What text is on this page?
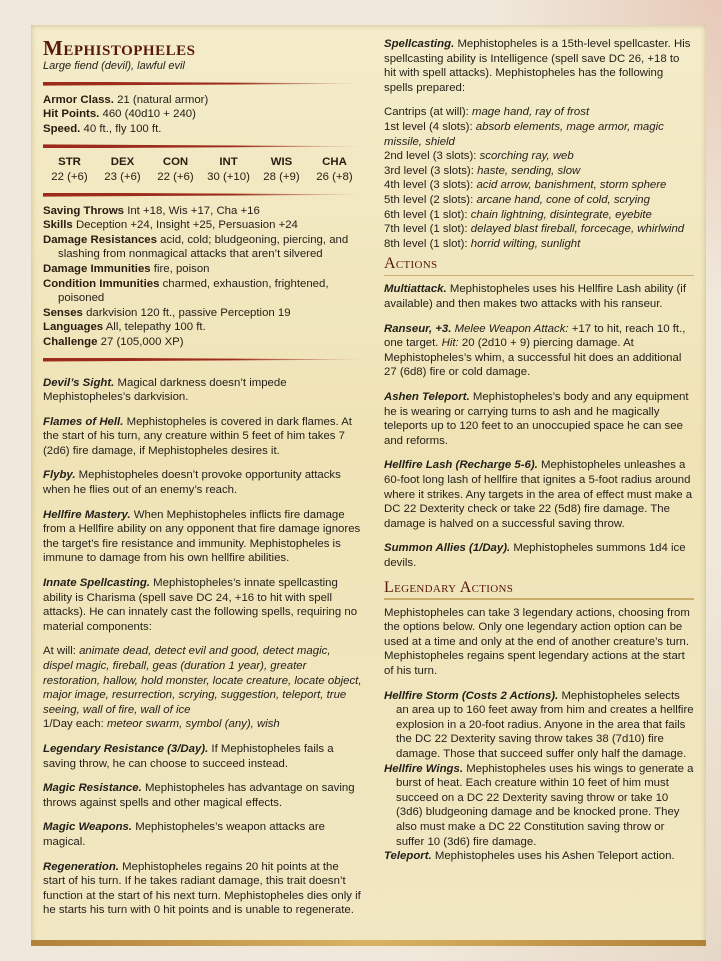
Mephistopheles
Large fiend (devil), lawful evil
Armor Class. 21 (natural armor)
Hit Points. 460 (40d10 + 240)
Speed. 40 ft., fly 100 ft.
STR	DEX	CON	INT	WIS	CHA
22 (+6)	23 (+6)	22 (+6)	30 (+10)	28 (+9)	26 (+8)
Saving Throws Int +18, Wis +17, Cha +16
Skills Deception +24, Insight +25, Persuasion +24
Damage Resistances acid, cold; bludgeoning, piercing, and slashing from nonmagical attacks that aren’t silvered
Damage Immunities fire, poison
Condition Immunities charmed, exhaustion, frightened, poisoned
Senses darkvision 120 ft., passive Perception 19
Languages All, telepathy 100 ft.
Challenge 27 (105,000 XP)
Devil’s Sight. Magical darkness doesn’t impede Mephistopheles’s darkvision.
Flames of Hell. Mephistopheles is covered in dark flames. At the start of his turn, any creature within 5 feet of him takes 7 (2d6) fire damage, if Mephistopheles desires it.
Flyby. Mephistopheles doesn’t provoke opportunity attacks when he flies out of an enemy’s reach.
Hellfire Mastery. When Mephistopheles inflicts fire damage from a Hellfire ability on any opponent that fire damage ignores the target’s fire resistance and immunity. Mephistopheles is immune to damage from his own hellfire abilities.
Innate Spellcasting. Mephistopheles’s innate spellcasting ability is Charisma (spell save DC 24, +16 to hit with spell attacks). He can innately cast the following spells, requiring no material components:
At will: animate dead, detect evil and good, detect magic, dispel magic, fireball, geas (duration 1 year), greater restoration, hallow, hold monster, locate creature, locate object, major image, resurrection, scrying, suggestion, teleport, true seeing, wall of fire, wall of ice
1/Day each: meteor swarm, symbol (any), wish
Legendary Resistance (3/Day). If Mephistopheles fails a saving throw, he can choose to succeed instead.
Magic Resistance. Mephistopheles has advantage on saving throws against spells and other magical effects.
Magic Weapons. Mephistopheles’s weapon attacks are magical.
Regeneration. Mephistopheles regains 20 hit points at the start of his turn. If he takes radiant damage, this trait doesn’t function at the start of his next turn. Mephistopheles dies only if he starts his turn with 0 hit points and is unable to regenerate.
Spellcasting. Mephistopheles is a 15th-level spellcaster. His spellcasting ability is Intelligence (spell save DC 26, +18 to hit with spell attacks). Mephistopheles has the following spells prepared:
Cantrips (at will): mage hand, ray of frost
1st level (4 slots): absorb elements, mage armor, magic missile, shield
2nd level (3 slots): scorching ray, web
3rd level (3 slots): haste, sending, slow
4th level (3 slots): acid arrow, banishment, storm sphere
5th level (2 slots): arcane hand, cone of cold, scrying
6th level (1 slot): chain lightning, disintegrate, eyebite
7th level (1 slot): delayed blast fireball, forcecage, whirlwind
8th level (1 slot): horrid wilting, sunlight
Actions
Multiattack. Mephistopheles uses his Hellfire Lash ability (if available) and then makes two attacks with his ranseur.
Ranseur, +3. Melee Weapon Attack: +17 to hit, reach 10 ft., one target. Hit: 20 (2d10 + 9) piercing damage. At Mephistopheles’s whim, a successful hit does an additional 27 (6d8) fire or cold damage.
Ashen Teleport. Mephistopheles’s body and any equipment he is wearing or carrying turns to ash and he magically teleports up to 120 feet to an unoccupied space he can see and reforms.
Hellfire Lash (Recharge 5-6). Mephistopheles unleashes a 60-foot long lash of hellfire that ignites a 5-foot radius around where it strikes. Any targets in the area of effect must make a DC 22 Dexterity check or take 22 (5d8) fire damage. The damage is halved on a successful saving throw.
Summon Allies (1/Day). Mephistopheles summons 1d4 ice devils.
Legendary Actions
Mephistopheles can take 3 legendary actions, choosing from the options below. Only one legendary action option can be used at a time and only at the end of another creature’s turn. Mephistopheles regains spent legendary actions at the start of his turn.
Hellfire Storm (Costs 2 Actions). Mephistopheles selects an area up to 160 feet away from him and creates a hellfire explosion in a 20-foot radius. Anyone in the area that fails the DC 22 Dexterity saving throw takes 38 (7d10) fire damage. Those that succeed suffer only half the damage.
Hellfire Wings. Mephistopheles uses his wings to generate a burst of heat. Each creature within 10 feet of him must succeed on a DC 22 Dexterity saving throw or take 10 (3d6) bludgeoning damage and be knocked prone. They also must make a DC 22 Constitution saving throw or suffer 10 (3d6) fire damage.
Teleport. Mephistopheles uses his Ashen Teleport action.
